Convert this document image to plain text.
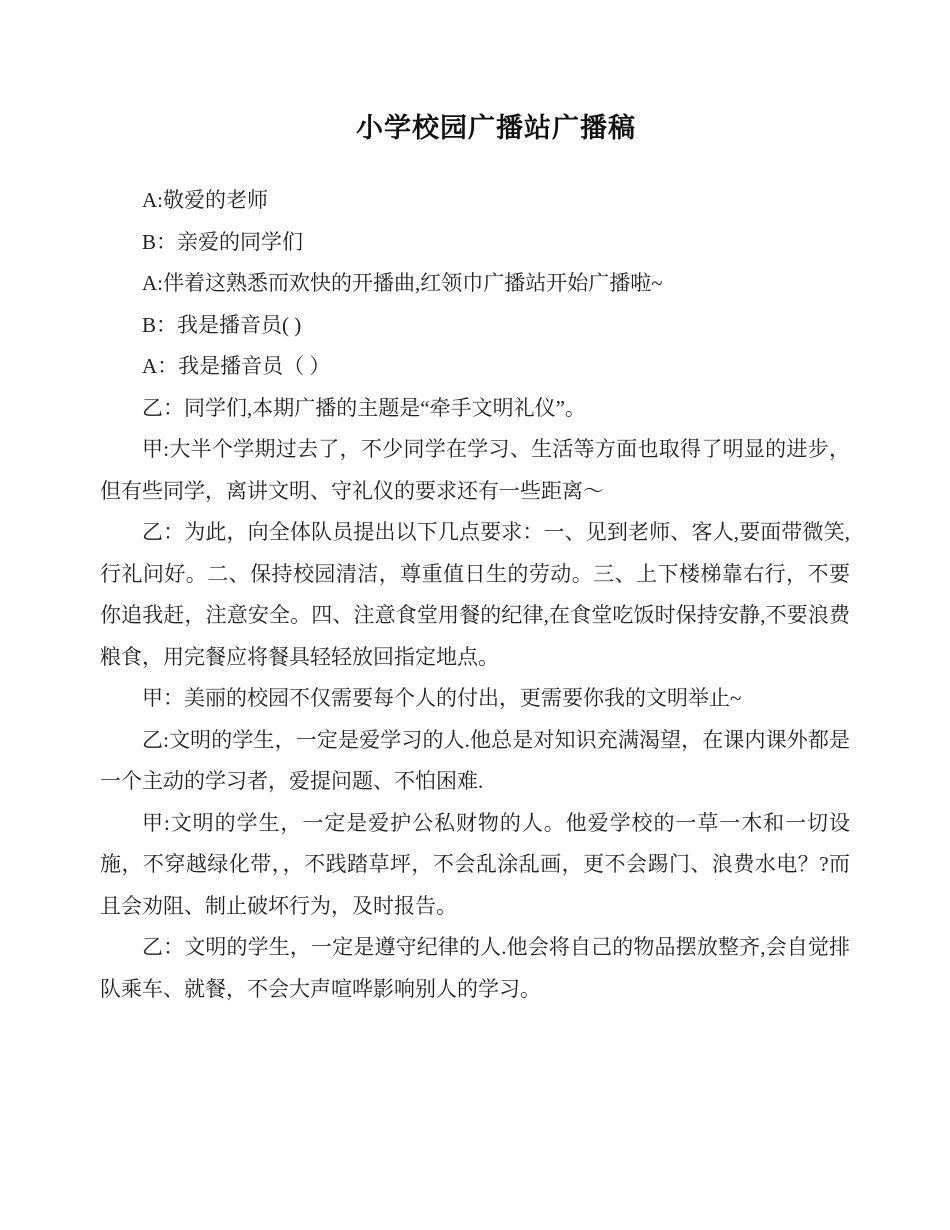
小学校园广播站广播稿

A:敬爱的老师

B：亲爱的同学们

A:伴着这熟悉而欢快的开播曲,红领巾广播站开始广播啦~

B：我是播音员( )

A：我是播音员（ ）

乙：同学们,本期广播的主题是“牵手文明礼仪”。

甲:大半个学期过去了，不少同学在学习、生活等方面也取得了明显的进步，但有些同学，离讲文明、守礼仪的要求还有一些距离～

乙：为此，向全体队员提出以下几点要求：一、见到老师、客人,要面带微笑,行礼问好。二、保持校园清洁，尊重值日生的劳动。三、上下楼梯靠右行，不要你追我赶，注意安全。四、注意食堂用餐的纪律,在食堂吃饭时保持安静,不要浪费粮食，用完餐应将餐具轻轻放回指定地点。

甲：美丽的校园不仅需要每个人的付出，更需要你我的文明举止~

乙:文明的学生，一定是爱学习的人.他总是对知识充满渴望，在课内课外都是一个主动的学习者，爱提问题、不怕困难.

甲:文明的学生，一定是爱护公私财物的人。他爱学校的一草一木和一切设施，不穿越绿化带，，不践踏草坪，不会乱涂乱画，更不会踢门、浪费水电？?而且会劝阻、制止破坏行为，及时报告。

乙：文明的学生，一定是遵守纪律的人.他会将自己的物品摆放整齐,会自觉排队乘车、就餐，不会大声喧哗影响别人的学习。
